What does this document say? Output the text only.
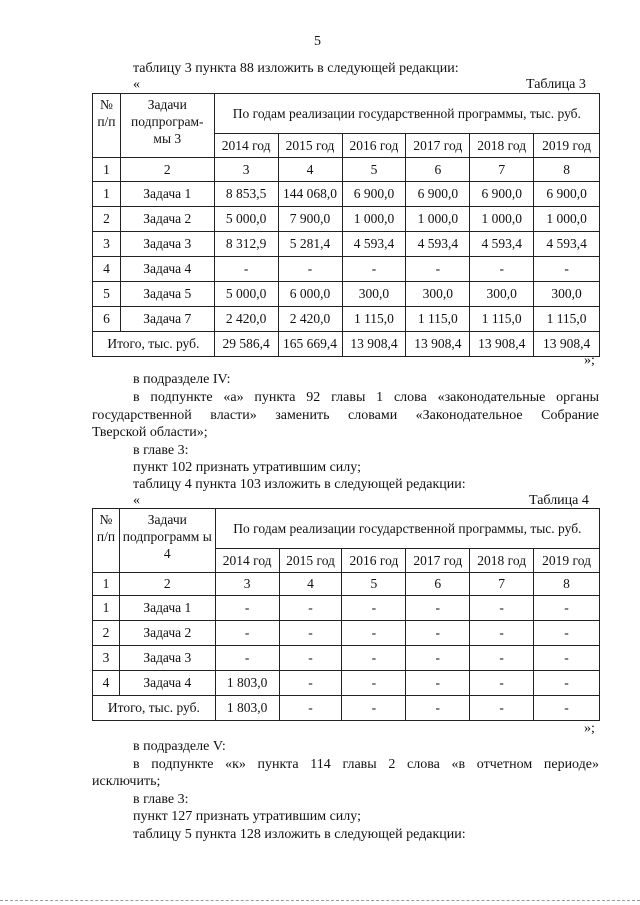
5
таблицу 3 пункта 88 изложить в следующей редакции:
«	Таблица 3
№ п/п	Задачи подпрограм- мы 3	По годам реализации государственной программы, тыс. руб.					
		2014 год	2015 год	2016 год	2017 год	2018 год	2019 год
1	2	3	4	5	6	7	8
1	Задача 1	8 853,5	144 068,0	6 900,0	6 900,0	6 900,0	6 900,0
2	Задача 2	5 000,0	7 900,0	1 000,0	1 000,0	1 000,0	1 000,0
3	Задача 3	8 312,9	5 281,4	4 593,4	4 593,4	4 593,4	4 593,4
4	Задача 4	-	-	-	-	-	-
5	Задача 5	5 000,0	6 000,0	300,0	300,0	300,0	300,0
6	Задача 7	2 420,0	2 420,0	1 115,0	1 115,0	1 115,0	1 115,0
Итого, тыс. руб.		29 586,4	165 669,4	13 908,4	13 908,4	13 908,4	13 908,4
»;
в подразделе IV:
в подпункте «а» пункта 92 главы 1 слова «законодательные органы
государственной власти» заменить словами «Законодательное Собрание
Тверской области»;
в главе 3:
пункт 102 признать утратившим силу;
таблицу 4 пункта 103 изложить в следующей редакции:
«	Таблица 4
№ п/п	Задачи подпрограмм ы 4	По годам реализации государственной программы, тыс. руб.					
		2014 год	2015 год	2016 год	2017 год	2018 год	2019 год
1	2	3	4	5	6	7	8
1	Задача 1	-	-	-	-	-	-
2	Задача 2	-	-	-	-	-	-
3	Задача 3	-	-	-	-	-	-
4	Задача 4	1 803,0	-	-	-	-	-
Итого, тыс. руб.		1 803,0	-	-	-	-	-
»;
в подразделе V:
в подпункте «к» пункта 114 главы 2 слова «в отчетном периоде»
исключить;
в главе 3:
пункт 127 признать утратившим силу;
таблицу 5 пункта 128 изложить в следующей редакции:
